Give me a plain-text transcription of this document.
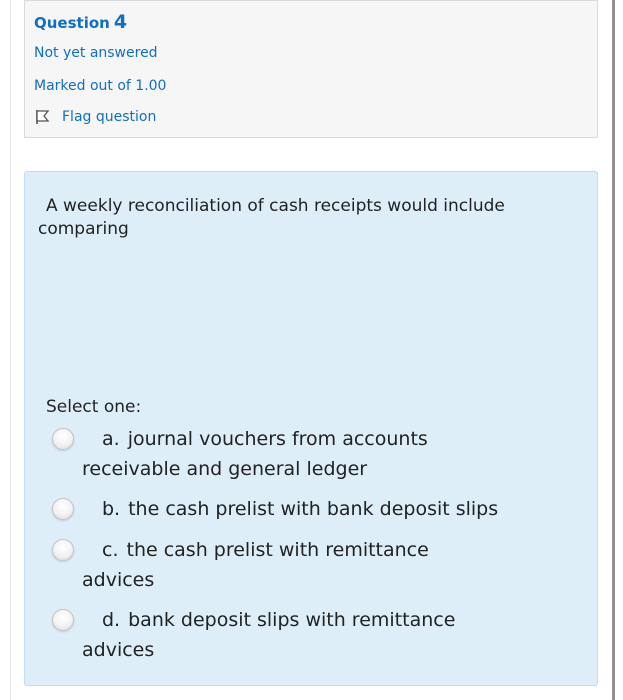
Question 4
Not yet answered
Marked out of 1.00
Flag question
A weekly reconciliation of cash receipts would include
comparing
Select one:
a. journal vouchers from accounts
receivable and general ledger
b. the cash prelist with bank deposit slips
c. the cash prelist with remittance
advices
d. bank deposit slips with remittance
advices
